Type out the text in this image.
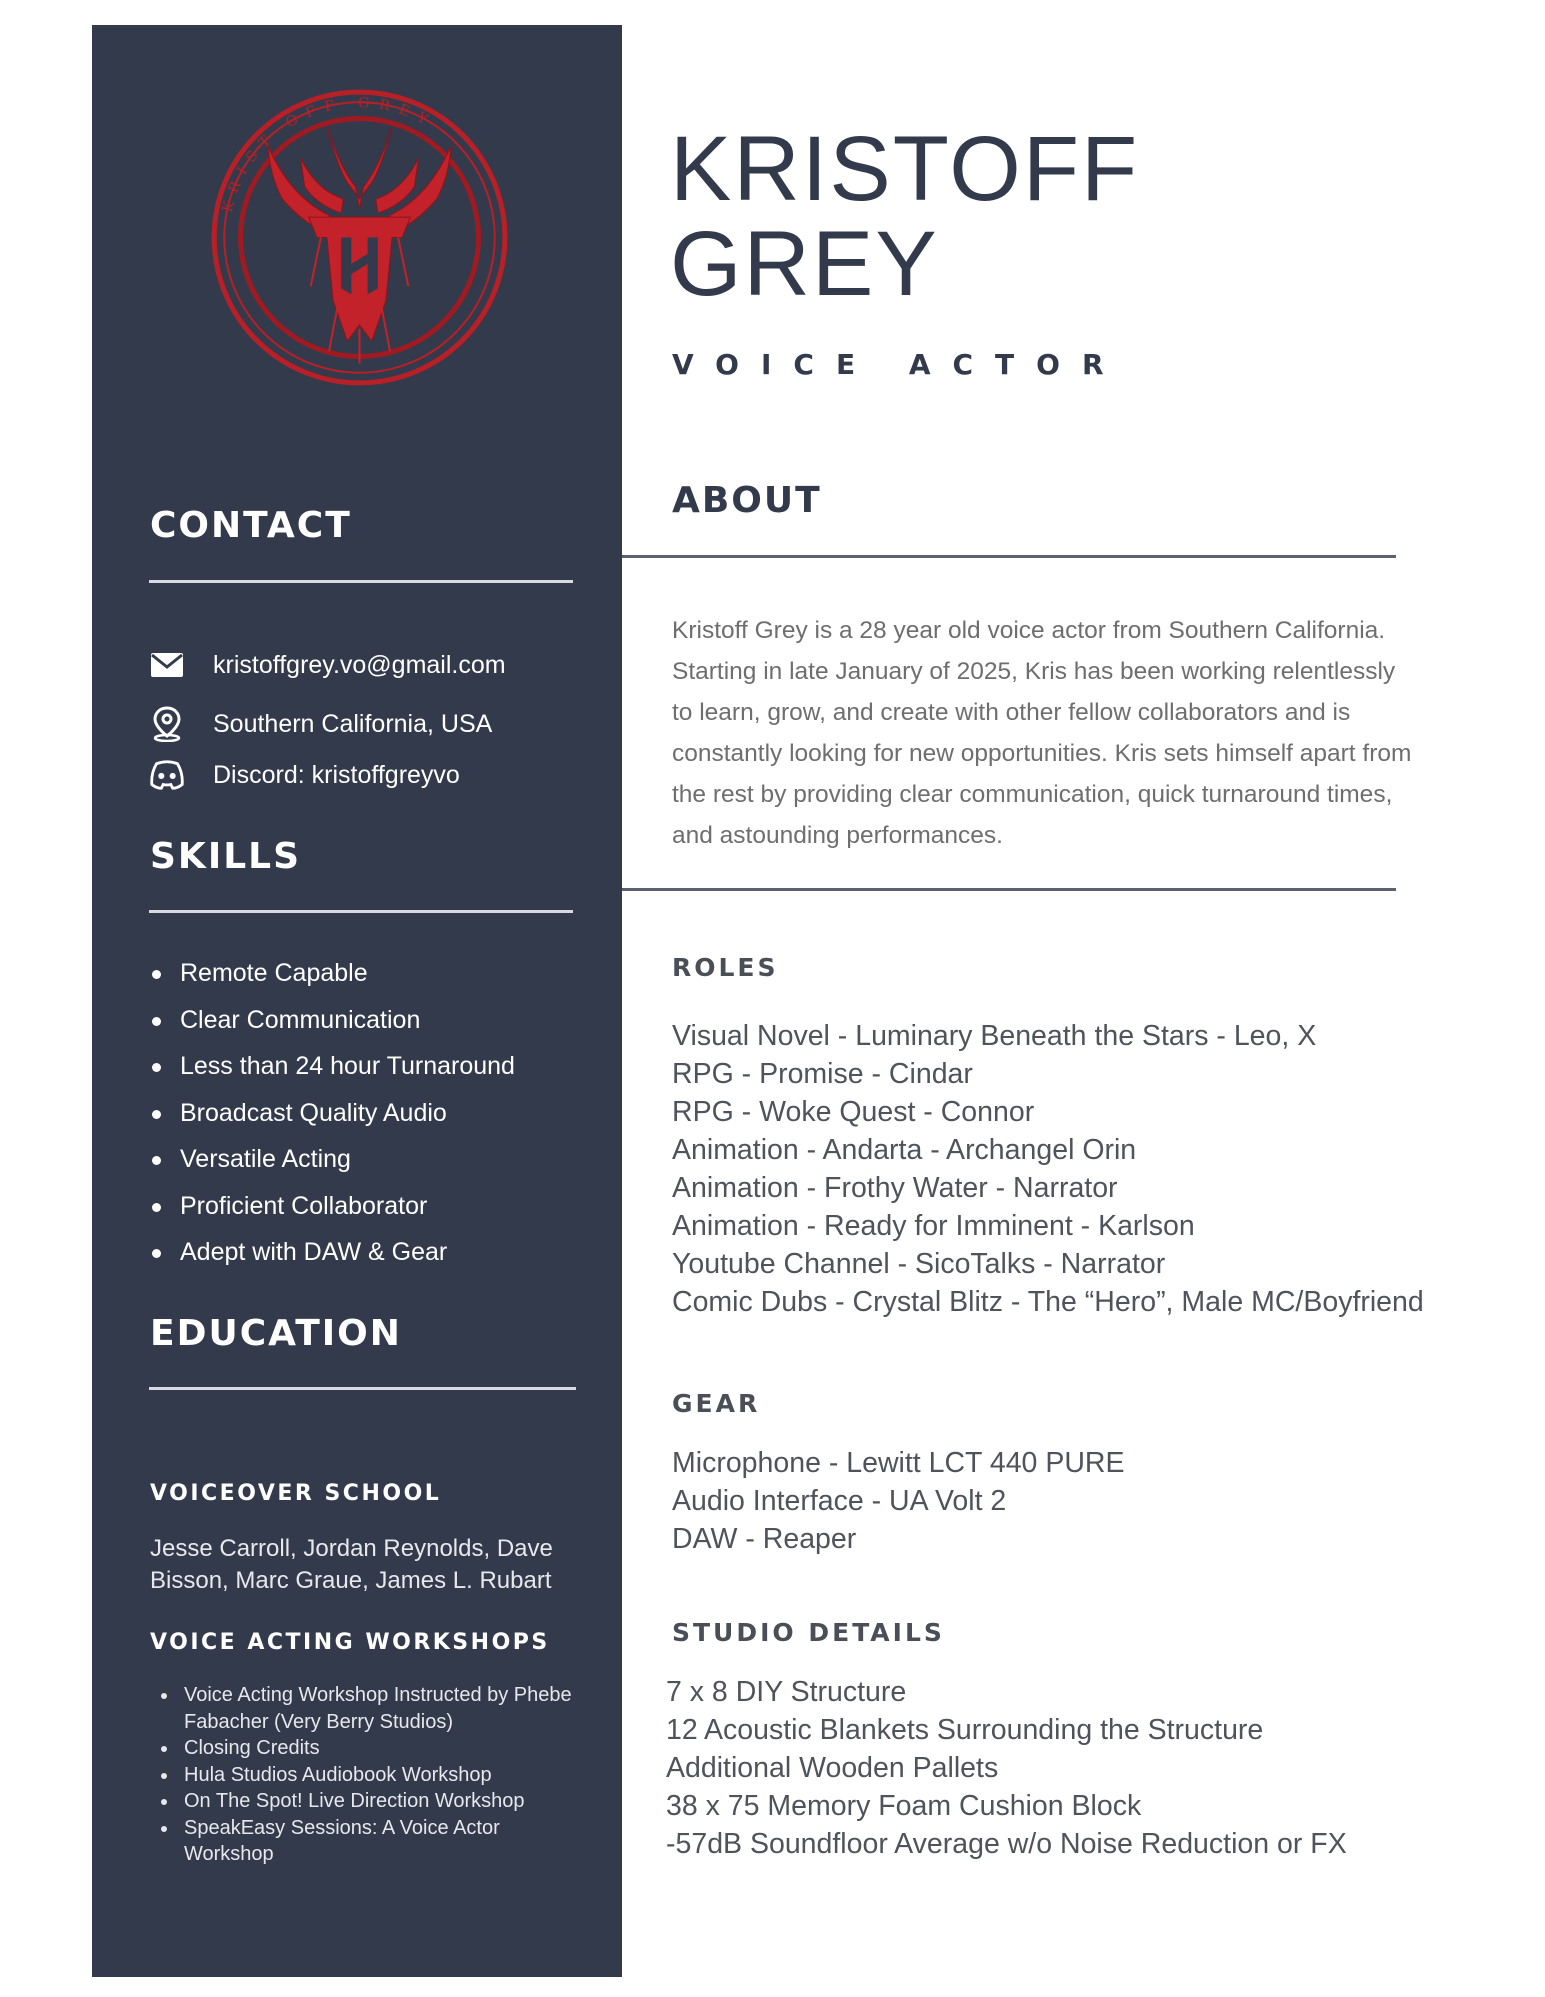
KRIST OFF GREY
CONTACT
kristoffgrey.vo@gmail.com
Southern California, USA
Discord: kristoffgreyvo
SKILLS
Remote Capable
Clear Communication
Less than 24 hour Turnaround
Broadcast Quality Audio
Versatile Acting
Proficient Collaborator
Adept with DAW & Gear
EDUCATION
VOICEOVER SCHOOL

Jesse Carroll, Jordan Reynolds, Dave Bisson, Marc Graue, James L. Rubart

VOICE ACTING WORKSHOPS
Voice Acting Workshop Instructed by Phebe Fabacher (Very Berry Studios)
Closing Credits
Hula Studios Audiobook Workshop
On The Spot! Live Direction Workshop
SpeakEasy Sessions: A Voice Actor Workshop
KRISTOFF
GREY

VOICE ACTOR

ABOUT

Kristoff Grey is a 28 year old voice actor from Southern California. Starting in late January of 2025, Kris has been working relentlessly to learn, grow, and create with other fellow collaborators and is constantly looking for new opportunities. Kris sets himself apart from the rest by providing clear communication, quick turnaround times, and astounding performances.

ROLES
Visual Novel - Luminary Beneath the Stars - Leo, X
RPG - Promise - Cindar
RPG - Woke Quest - Connor
Animation - Andarta - Archangel Orin
Animation - Frothy Water - Narrator
Animation - Ready for Imminent - Karlson
Youtube Channel - SicoTalks - Narrator
Comic Dubs - Crystal Blitz - The “Hero”, Male MC/Boyfriend
GEAR
Microphone - Lewitt LCT 440 PURE
Audio Interface - UA Volt 2
DAW - Reaper
STUDIO DETAILS
7 x 8 DIY Structure
12 Acoustic Blankets Surrounding the Structure
Additional Wooden Pallets
38 x 75 Memory Foam Cushion Block
-57dB Soundfloor Average w/o Noise Reduction or FX
